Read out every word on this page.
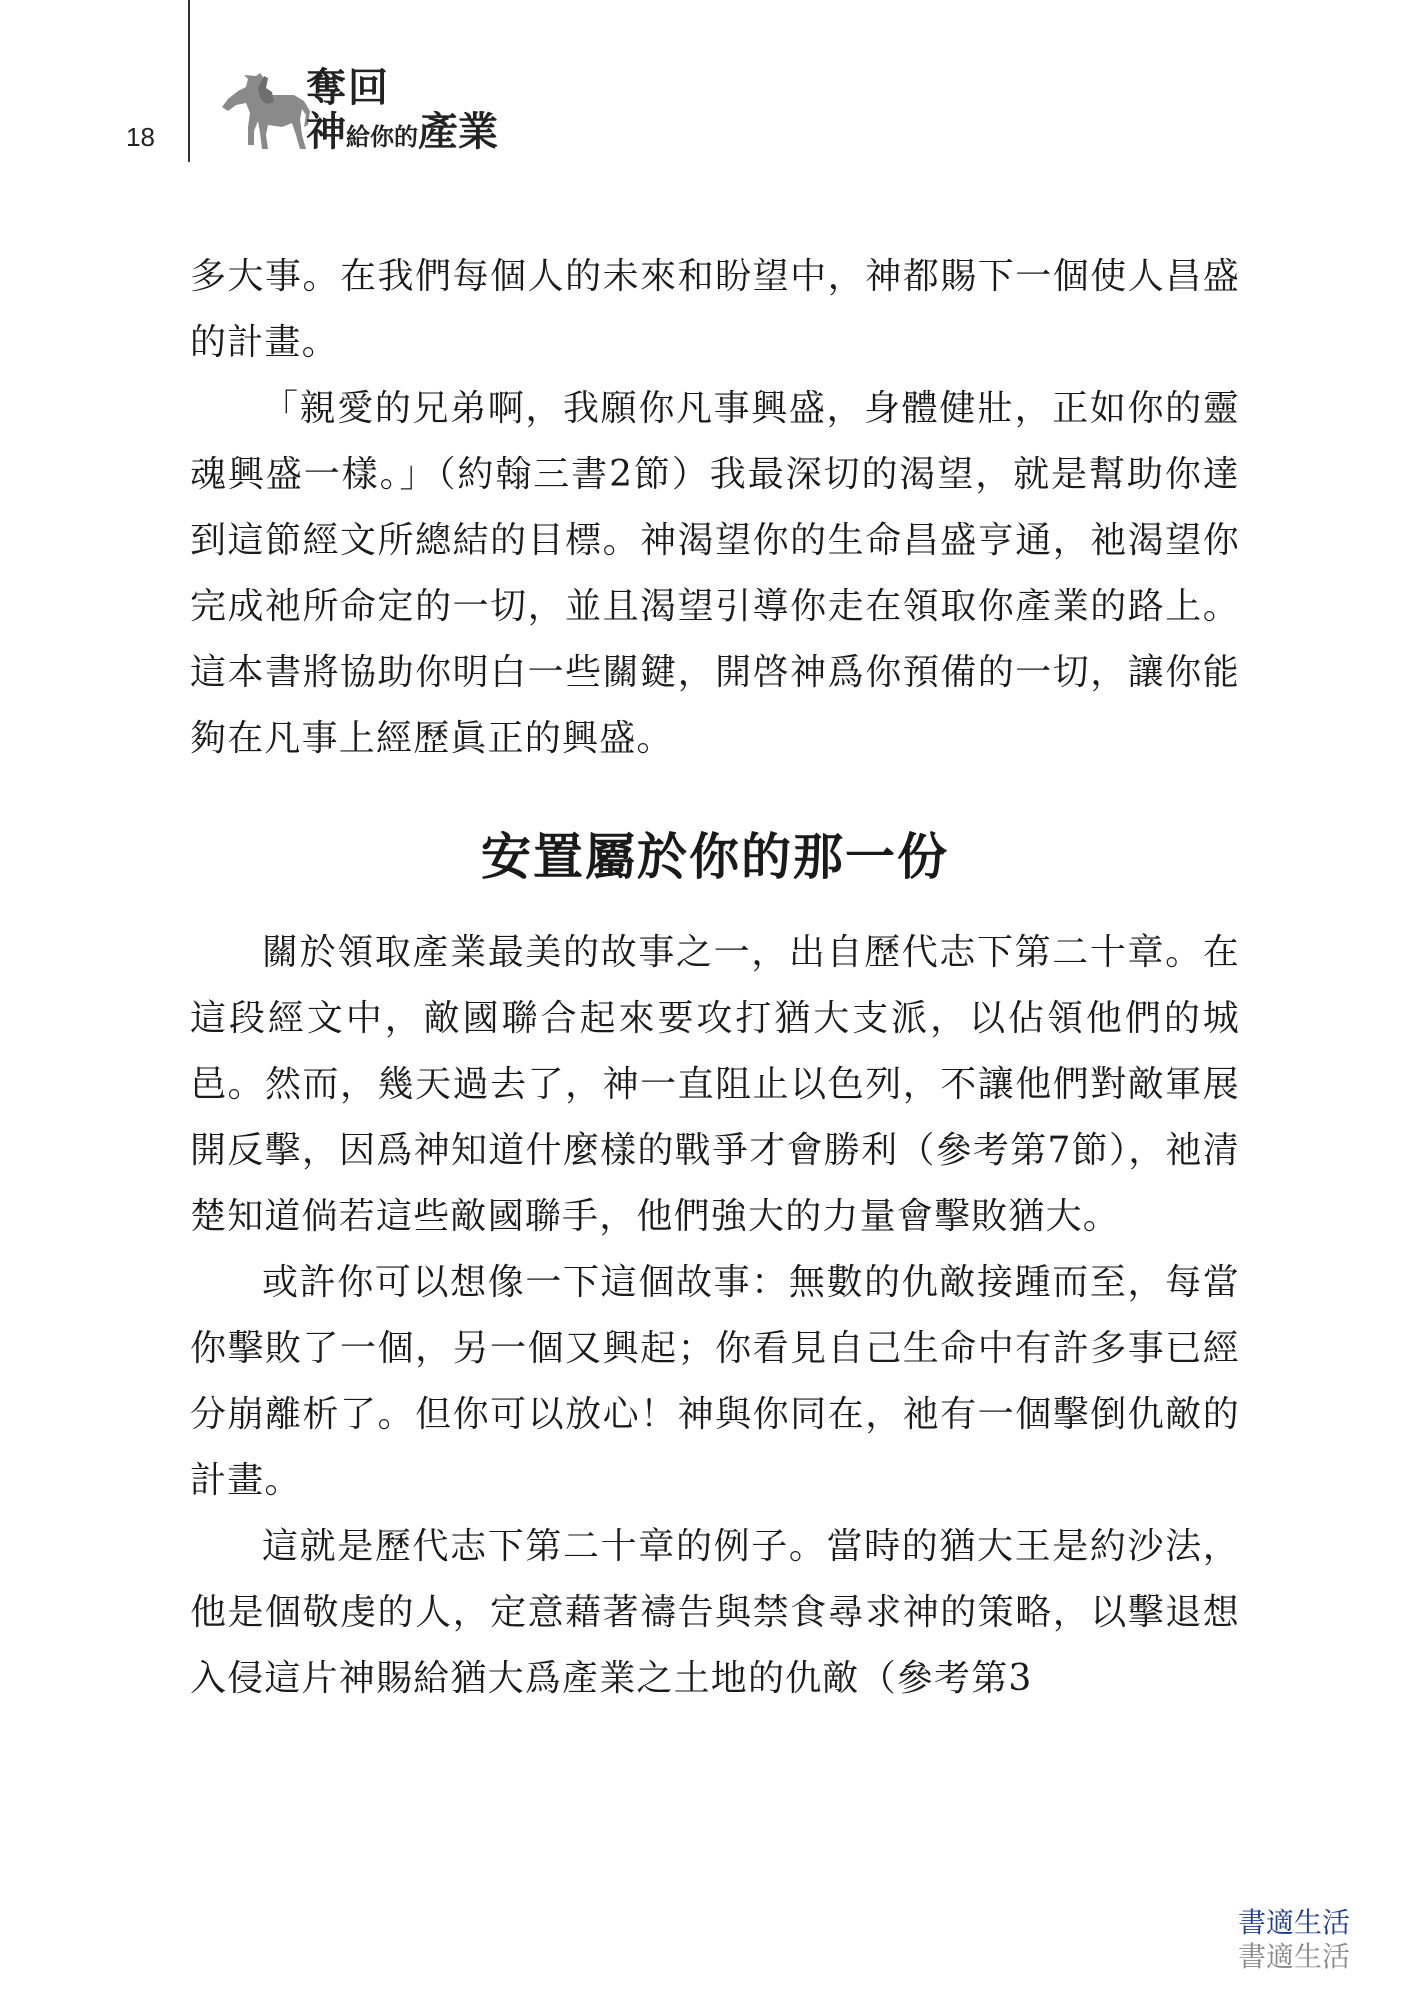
18
奪回
神給你的產業

多大事。在我們每個人的未來和盼望中，神都賜下一個使人昌盛的計畫。

「親愛的兄弟啊，我願你凡事興盛，身體健壯，正如你的靈魂興盛一樣。」（約翰三書2節）我最深切的渴望，就是幫助你達到這節經文所總結的目標。神渴望你的生命昌盛亨通，祂渴望你完成祂所命定的一切，並且渴望引導你走在領取你產業的路上。這本書將協助你明白一些關鍵，開啓神爲你預備的一切，讓你能夠在凡事上經歷眞正的興盛。

安置屬於你的那一份

關於領取產業最美的故事之一，出自歷代志下第二十章。在這段經文中，敵國聯合起來要攻打猶大支派，以佔領他們的城邑。然而，幾天過去了，神一直阻止以色列，不讓他們對敵軍展開反擊，因爲神知道什麼樣的戰爭才會勝利（參考第7節），祂清楚知道倘若這些敵國聯手，他們強大的力量會擊敗猶大。

或許你可以想像一下這個故事：無數的仇敵接踵而至，每當你擊敗了一個，另一個又興起；你看見自己生命中有許多事已經分崩離析了。但你可以放心！神與你同在，祂有一個擊倒仇敵的計畫。

這就是歷代志下第二十章的例子。當時的猶大王是約沙法，他是個敬虔的人，定意藉著禱告與禁食尋求神的策略，以擊退想入侵這片神賜給猶大爲產業之土地的仇敵（參考第3

書適生活
書適生活
